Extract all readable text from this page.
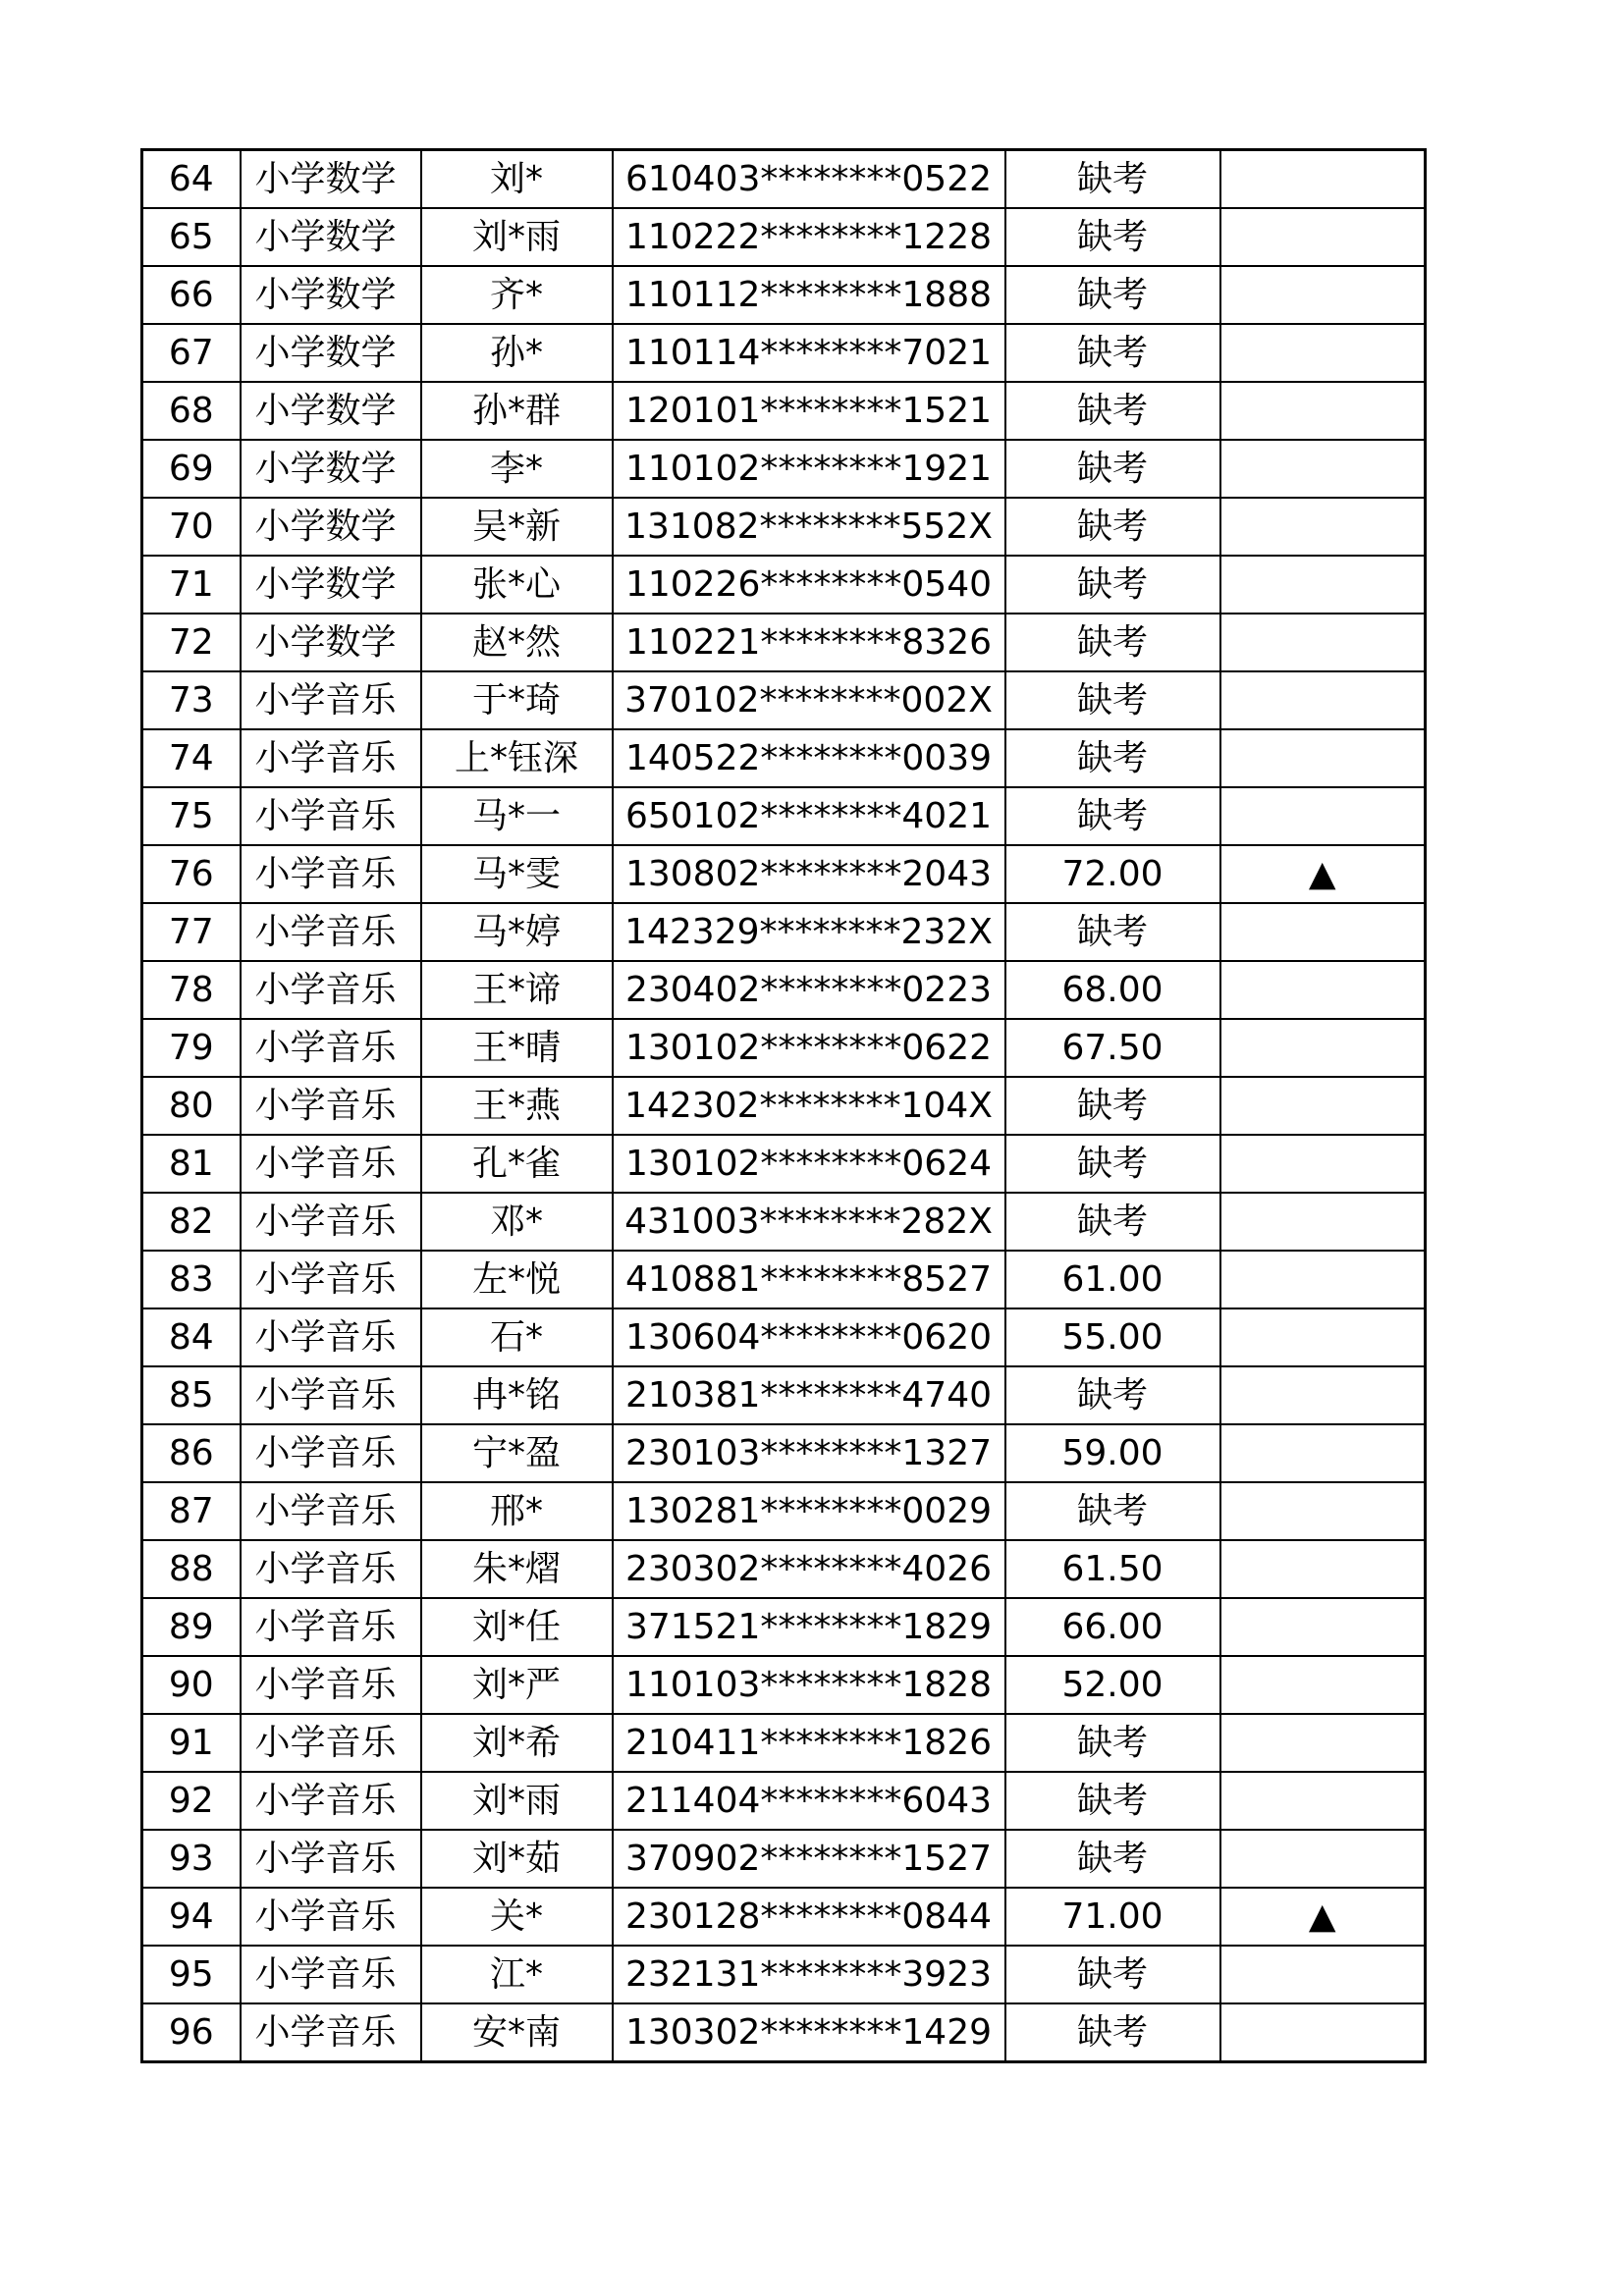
64	小学数学	刘*	610403********0522	缺考	
65	小学数学	刘*雨	110222********1228	缺考	
66	小学数学	齐*	110112********1888	缺考	
67	小学数学	孙*	110114********7021	缺考	
68	小学数学	孙*群	120101********1521	缺考	
69	小学数学	李*	110102********1921	缺考	
70	小学数学	吴*新	131082********552X	缺考	
71	小学数学	张*心	110226********0540	缺考	
72	小学数学	赵*然	110221********8326	缺考	
73	小学音乐	于*琦	370102********002X	缺考	
74	小学音乐	上*钰深	140522********0039	缺考	
75	小学音乐	马*一	650102********4021	缺考	
76	小学音乐	马*雯	130802********2043	72.00	▲
77	小学音乐	马*婷	142329********232X	缺考	
78	小学音乐	王*谛	230402********0223	68.00	
79	小学音乐	王*晴	130102********0622	67.50	
80	小学音乐	王*燕	142302********104X	缺考	
81	小学音乐	孔*雀	130102********0624	缺考	
82	小学音乐	邓*	431003********282X	缺考	
83	小学音乐	左*悦	410881********8527	61.00	
84	小学音乐	石*	130604********0620	55.00	
85	小学音乐	冉*铭	210381********4740	缺考	
86	小学音乐	宁*盈	230103********1327	59.00	
87	小学音乐	邢*	130281********0029	缺考	
88	小学音乐	朱*熠	230302********4026	61.50	
89	小学音乐	刘*任	371521********1829	66.00	
90	小学音乐	刘*严	110103********1828	52.00	
91	小学音乐	刘*希	210411********1826	缺考	
92	小学音乐	刘*雨	211404********6043	缺考	
93	小学音乐	刘*茹	370902********1527	缺考	
94	小学音乐	关*	230128********0844	71.00	▲
95	小学音乐	江*	232131********3923	缺考	
96	小学音乐	安*南	130302********1429	缺考	
